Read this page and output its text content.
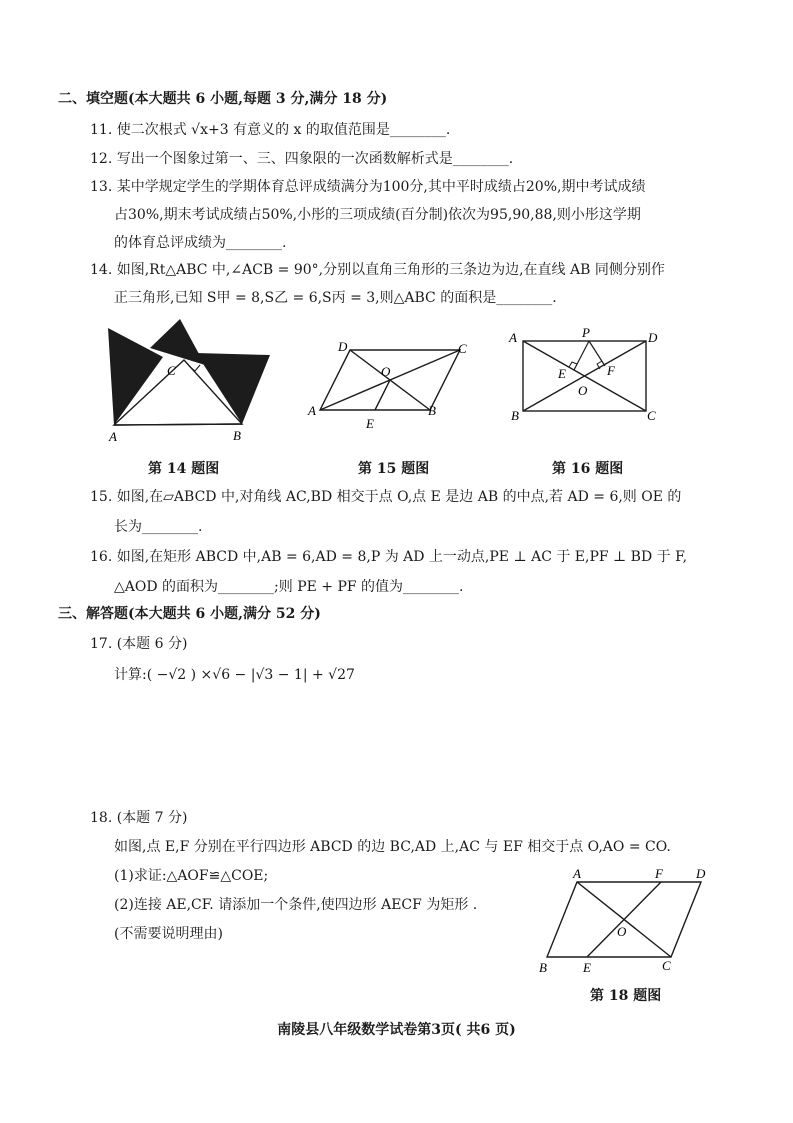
二、填空题(本大题共 6 小题,每题 3 分,满分 18 分)
11. 使二次根式 √x+3 有意义的 x 的取值范围是________.
12. 写出一个图象过第一、三、四象限的一次函数解析式是________.
13. 某中学规定学生的学期体育总评成绩满分为100分,其中平时成绩占20%,期中考试成绩
占30%,期末考试成绩占50%,小彤的三项成绩(百分制)依次为95,90,88,则小彤这学期
的体育总评成绩为________.
14. 如图,Rt△ABC 中,∠ACB = 90°,分别以直角三角形的三条边为边,在直线 AB 同侧分别作
正三角形,已知 S甲 = 8,S乙 = 6,S丙 = 3,则△ABC 的面积是________.
A	B
C
第 14 题图
A	B
C
D
O
E
第 15 题图
A
B	C
D
P
E	F
O
第 16 题图
15. 如图,在▱ABCD 中,对角线 AC,BD 相交于点 O,点 E 是边 AB 的中点,若 AD = 6,则 OE 的
长为________.
16. 如图,在矩形 ABCD 中,AB = 6,AD = 8,P 为 AD 上一动点,PE ⊥ AC 于 E,PF ⊥ BD 于 F,
△AOD 的面积为________;则 PE + PF 的值为________.
三、解答题(本大题共 6 小题,满分 52 分)
17. (本题 6 分)
计算:( −√2 ) ×√6 − |√3 − 1| + √27
18. (本题 7 分)
如图,点 E,F 分别在平行四边形 ABCD 的边 BC,AD 上,AC 与 EF 相交于点 O,AO = CO.
(1)求证:△AOF≌△COE;
(2)连接 AE,CF. 请添加一个条件,使四边形 AECF 为矩形 .
(不需要说明理由)
A	F	D
B	E	C
O
第 18 题图
南陵县八年级数学试卷第3页( 共6 页)
